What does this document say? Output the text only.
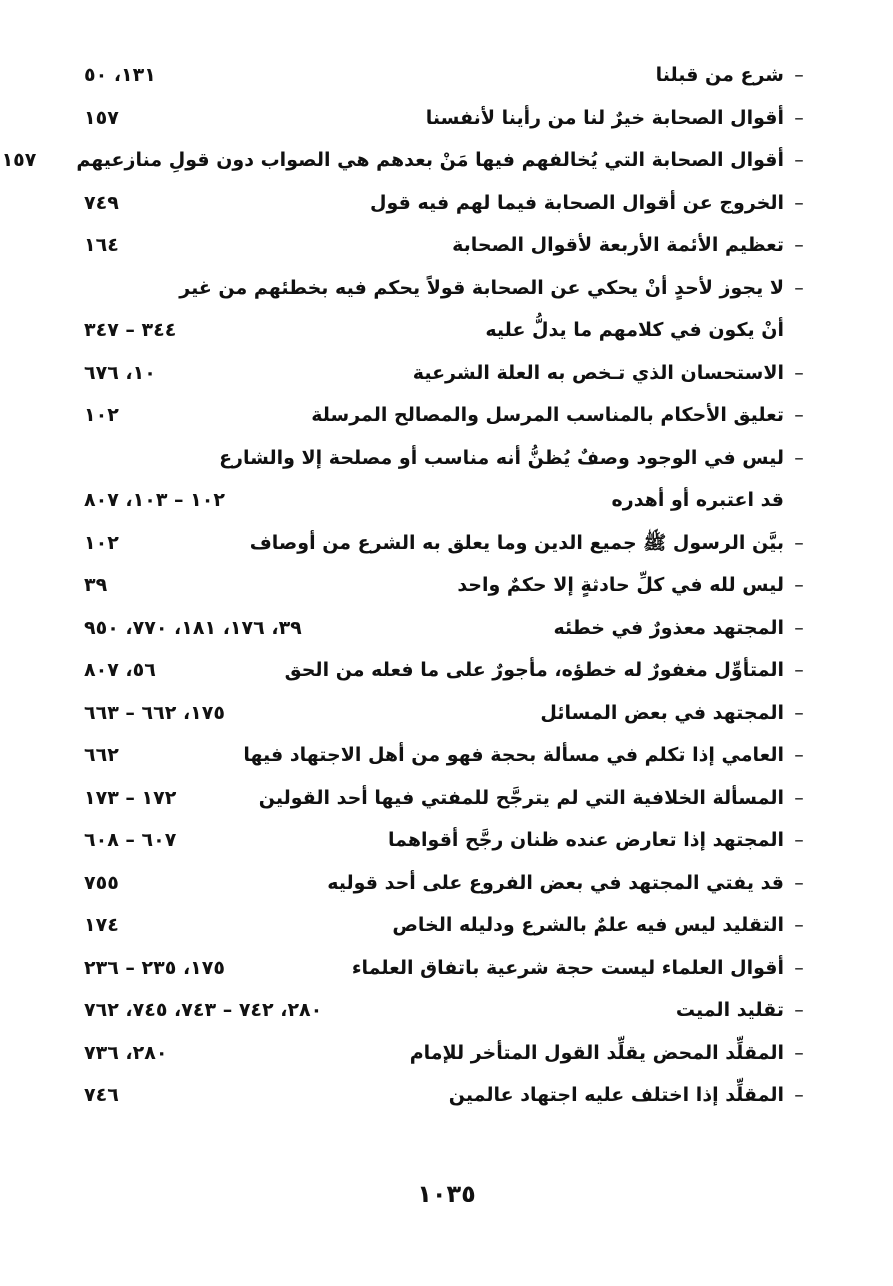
–
شرع من قبلنا
١٣١، ٥٠
–
أقوال الصحابة خيرٌ لنا من رأينا لأنفسنا
١٥٧
–
أقوال الصحابة التي يُخالفهم فيها مَنْ بعدهم هي الصواب دون قولِ منازعيهم
١٥٧
–
الخروج عن أقوال الصحابة فيما لهم فيه قول
٧٤٩
–
تعظيم الأئمة الأربعة لأقوال الصحابة
١٦٤
–
لا يجوز لأحدٍ أنْ يحكي عن الصحابة قولاً يحكم فيه بخطئهم من غير
أنْ يكون في كلامهم ما يدلُّ عليه
٣٤٤ – ٣٤٧
–
الاستحسان الذي تـخص به العلة الشرعية
١٠، ٦٧٦
–
تعليق الأحكام بالمناسب المرسل والمصالح المرسلة
١٠٢
–
ليس في الوجود وصفٌ يُظنُّ أنه مناسب أو مصلحة إلا والشارع
قد اعتبره أو أهدره
١٠٢ – ١٠٣، ٨٠٧
–
بيَّن الرسول ﷺ جميع الدين وما يعلق به الشرع من أوصاف
١٠٢
–
ليس لله في كلِّ حادثةٍ إلا حكمٌ واحد
٣٩
–
المجتهد معذورٌ في خطئه
٣٩، ١٧٦، ١٨١، ٧٧٠، ٩٥٠
–
المتأوِّل مغفورٌ له خطؤه، مأجورٌ على ما فعله من الحق
٥٦، ٨٠٧
–
المجتهد في بعض المسائل
١٧٥، ٦٦٢ – ٦٦٣
–
العامي إذا تكلم في مسألة بحجة فهو من أهل الاجتهاد فيها
٦٦٢
–
المسألة الخلافية التي لم يترجَّح للمفتي فيها أحد القولين
١٧٢ – ١٧٣
–
المجتهد إذا تعارض عنده ظنان رجَّح أقواهما
٦٠٧ – ٦٠٨
–
قد يفتي المجتهد في بعض الفروع على أحد قوليه
٧٥٥
–
التقليد ليس فيه علمٌ بالشرع ودليله الخاص
١٧٤
–
أقوال العلماء ليست حجة شرعية باتفاق العلماء
١٧٥، ٢٣٥ – ٢٣٦
–
تقليد الميت
٢٨٠، ٧٤٢ – ٧٤٣، ٧٤٥، ٧٦٢
–
المقلِّد المحض يقلِّد القول المتأخر للإمام
٢٨٠، ٧٣٦
–
المقلِّد إذا اختلف عليه اجتهاد عالمين
٧٤٦
١٠٣٥
